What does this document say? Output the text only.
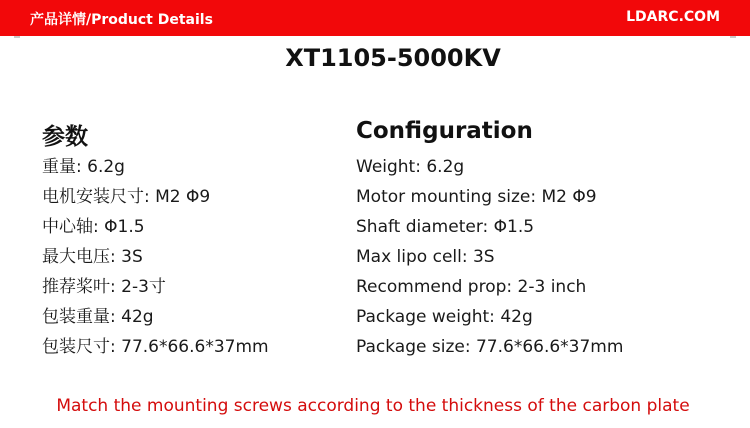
产品详情/Product Details	LDARC.COM
XT1105-5000KV
参数
重量: 6.2g
电机安装尺寸: M2 Φ9
中心轴: Φ1.5
最大电压: 3S
推荐桨叶: 2-3寸
包装重量: 42g
包装尺寸: 77.6*66.6*37mm
Configuration
Weight: 6.2g
Motor mounting size: M2 Φ9
Shaft diameter: Φ1.5
Max lipo cell: 3S
Recommend prop: 2-3 inch
Package weight: 42g
Package size: 77.6*66.6*37mm
Match the mounting screws according to the thickness of the carbon plate
